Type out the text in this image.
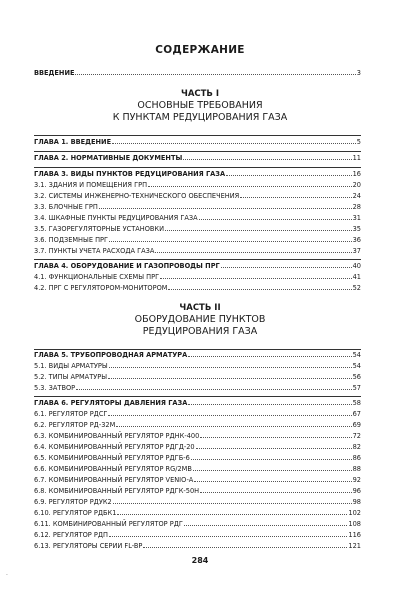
СОДЕРЖАНИЕ
ВВЕДЕНИЕ	3
ЧАСТЬ I
ОСНОВНЫЕ ТРЕБОВАНИЯ
К ПУНКТАМ РЕДУЦИРОВАНИЯ ГАЗА
ГЛАВА 1. ВВЕДЕНИЕ	5
ГЛАВА 2. НОРМАТИВНЫЕ ДОКУМЕНТЫ	11
ГЛАВА 3. ВИДЫ ПУНКТОВ РЕДУЦИРОВАНИЯ ГАЗА	16
3.1. ЗДАНИЯ И ПОМЕЩЕНИЯ ГРП	20
3.2. СИСТЕМЫ ИНЖЕНЕРНО-ТЕХНИЧЕСКОГО ОБЕСПЕЧЕНИЯ	24
3.3. БЛОЧНЫЕ ГРП	28
3.4. ШКАФНЫЕ ПУНКТЫ РЕДУЦИРОВАНИЯ ГАЗА	31
3.5. ГАЗОРЕГУЛЯТОРНЫЕ УСТАНОВКИ	35
3.6. ПОДЗЕМНЫЕ ПРГ	36
3.7. ПУНКТЫ УЧЕТА РАСХОДА ГАЗА	37
ГЛАВА 4. ОБОРУДОВАНИЕ И ГАЗОПРОВОДЫ ПРГ	40
4.1. ФУНКЦИОНАЛЬНЫЕ СХЕМЫ ПРГ	41
4.2. ПРГ С РЕГУЛЯТОРОМ-МОНИТОРОМ	52
ЧАСТЬ II
ОБОРУДОВАНИЕ ПУНКТОВ
РЕДУЦИРОВАНИЯ ГАЗА
ГЛАВА 5. ТРУБОПРОВОДНАЯ АРМАТУРА	54
5.1. ВИДЫ АРМАТУРЫ	54
5.2. ТИПЫ АРМАТУРЫ	56
5.3. ЗАТВОР	57
ГЛАВА 6. РЕГУЛЯТОРЫ ДАВЛЕНИЯ ГАЗА	58
6.1. РЕГУЛЯТОР РДСГ	67
6.2. РЕГУЛЯТОР РД-32М	69
6.3. КОМБИНИРОВАННЫЙ РЕГУЛЯТОР РДНК-400	72
6.4. КОМБИНИРОВАННЫЙ РЕГУЛЯТОР РДГД-20	82
6.5. КОМБИНИРОВАННЫЙ РЕГУЛЯТОР РДГБ-6	86
6.6. КОМБИНИРОВАННЫЙ РЕГУЛЯТОР RG/2MB	88
6.7. КОМБИНИРОВАННЫЙ РЕГУЛЯТОР VENIO-A	92
6.8. КОМБИНИРОВАННЫЙ РЕГУЛЯТОР РДГК-50Н	96
6.9. РЕГУЛЯТОР РДУК2	98
6.10. РЕГУЛЯТОР РДБК1	102
6.11. КОМБИНИРОВАННЫЙ РЕГУЛЯТОР РДГ	108
6.12. РЕГУЛЯТОР РДП	116
6.13. РЕГУЛЯТОРЫ СЕРИИ FL-BP	121
284
·
